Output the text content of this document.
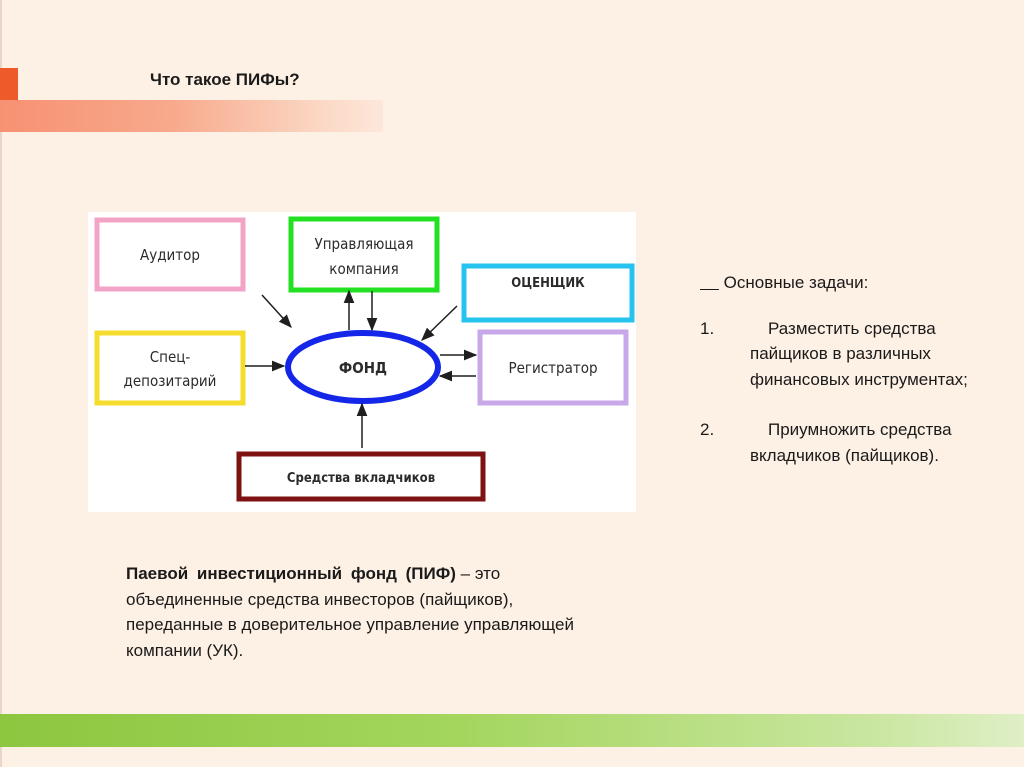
Что такое ПИФы?
Аудитор
Управляющая
компания
ОЦЕНЩИК
Спец-
депозитарий
ФОНД	Регистратор
Средства вкладчиков

Основные задачи:

1.	Разместить средства пайщиков в различных финансовых инструментах;
2.	Приумножить средства вкладчиков (пайщиков).
Паевой инвестиционный фонд (ПИФ) – это объединенные средства инвесторов (пайщиков), переданные в доверительное управление управляющей компании (УК).
